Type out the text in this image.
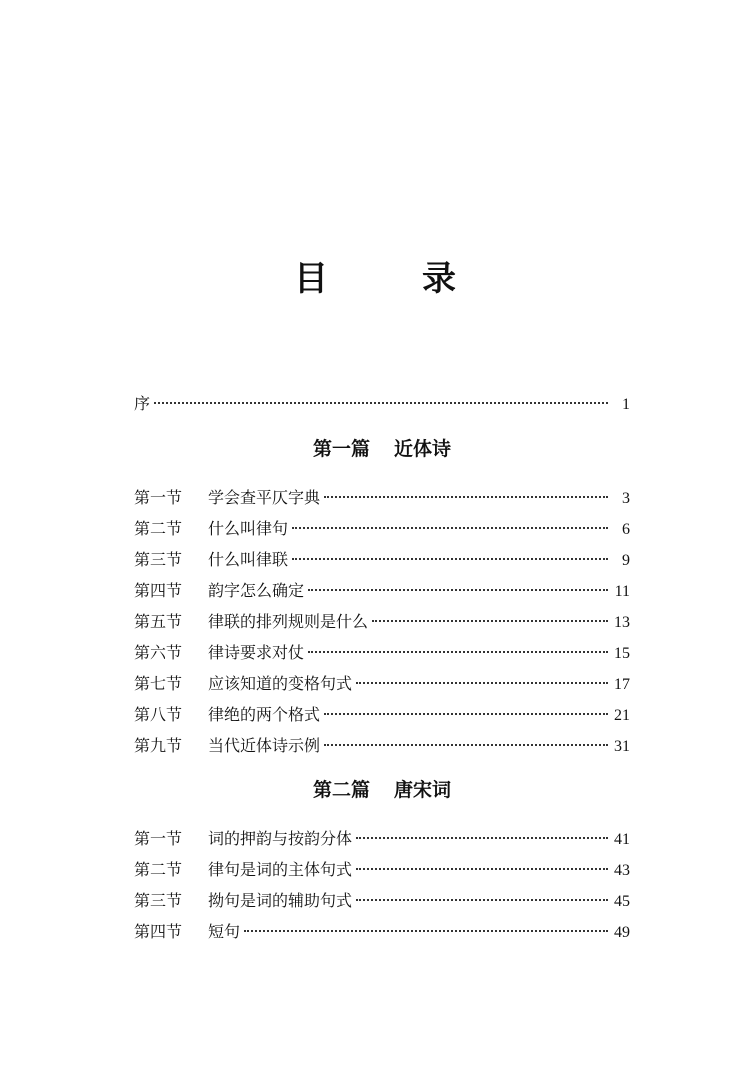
目　录
序	1
第一篇 近体诗
第一节	学会查平仄字典	3
第二节	什么叫律句	6
第三节	什么叫律联	9
第四节	韵字怎么确定	11
第五节	律联的排列规则是什么	13
第六节	律诗要求对仗	15
第七节	应该知道的变格句式	17
第八节	律绝的两个格式	21
第九节	当代近体诗示例	31
第二篇 唐宋词
第一节	词的押韵与按韵分体	41
第二节	律句是词的主体句式	43
第三节	拗句是词的辅助句式	45
第四节	短句	49
